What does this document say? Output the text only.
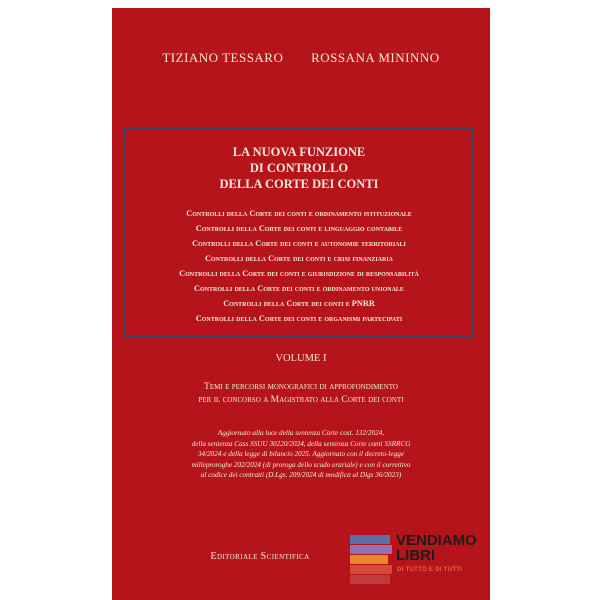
TIZIANO TESSARO ROSSANA MININNO
LA NUOVA FUNZIONE
DI CONTROLLO
DELLA CORTE DEI CONTI
Controlli della Corte dei conti e ordinamento istituzionale
Controlli della Corte dei conti e linguaggio contabile
Controlli della Corte dei conti e autonomie territoriali
Controlli della Corte dei conti e crisi finanziaria
Controlli della Corte dei conti e giurisdizione di responsabilità
Controlli della Corte dei conti e ordinamento unionale
Controlli della Corte dei conti e PNRR
Controlli della Corte dei conti e organismi partecipati
VOLUME I
Temi e percorsi monografici di approfondimento
per il concorso a Magistrato alla Corte dei conti
Aggiornato alla luce della sentenza Corte cost. 132/2024,
della sentenza Cass SSUU 30220/2024, della sentenza Corte conti SSRRCG
34/2024 e della legge di bilancio 2025. Aggiornato con il decreto-legge
milleproroghe 202/2024 (di proroga dello scudo erariale) e con il correttivo
al codice dei contratti (D.Lgs. 209/2024 di modifica al Dlgs 36/2023)
Editoriale Scientifica
VENDIAMO
LIBRI
DI TUTTO E DI TUTTI
